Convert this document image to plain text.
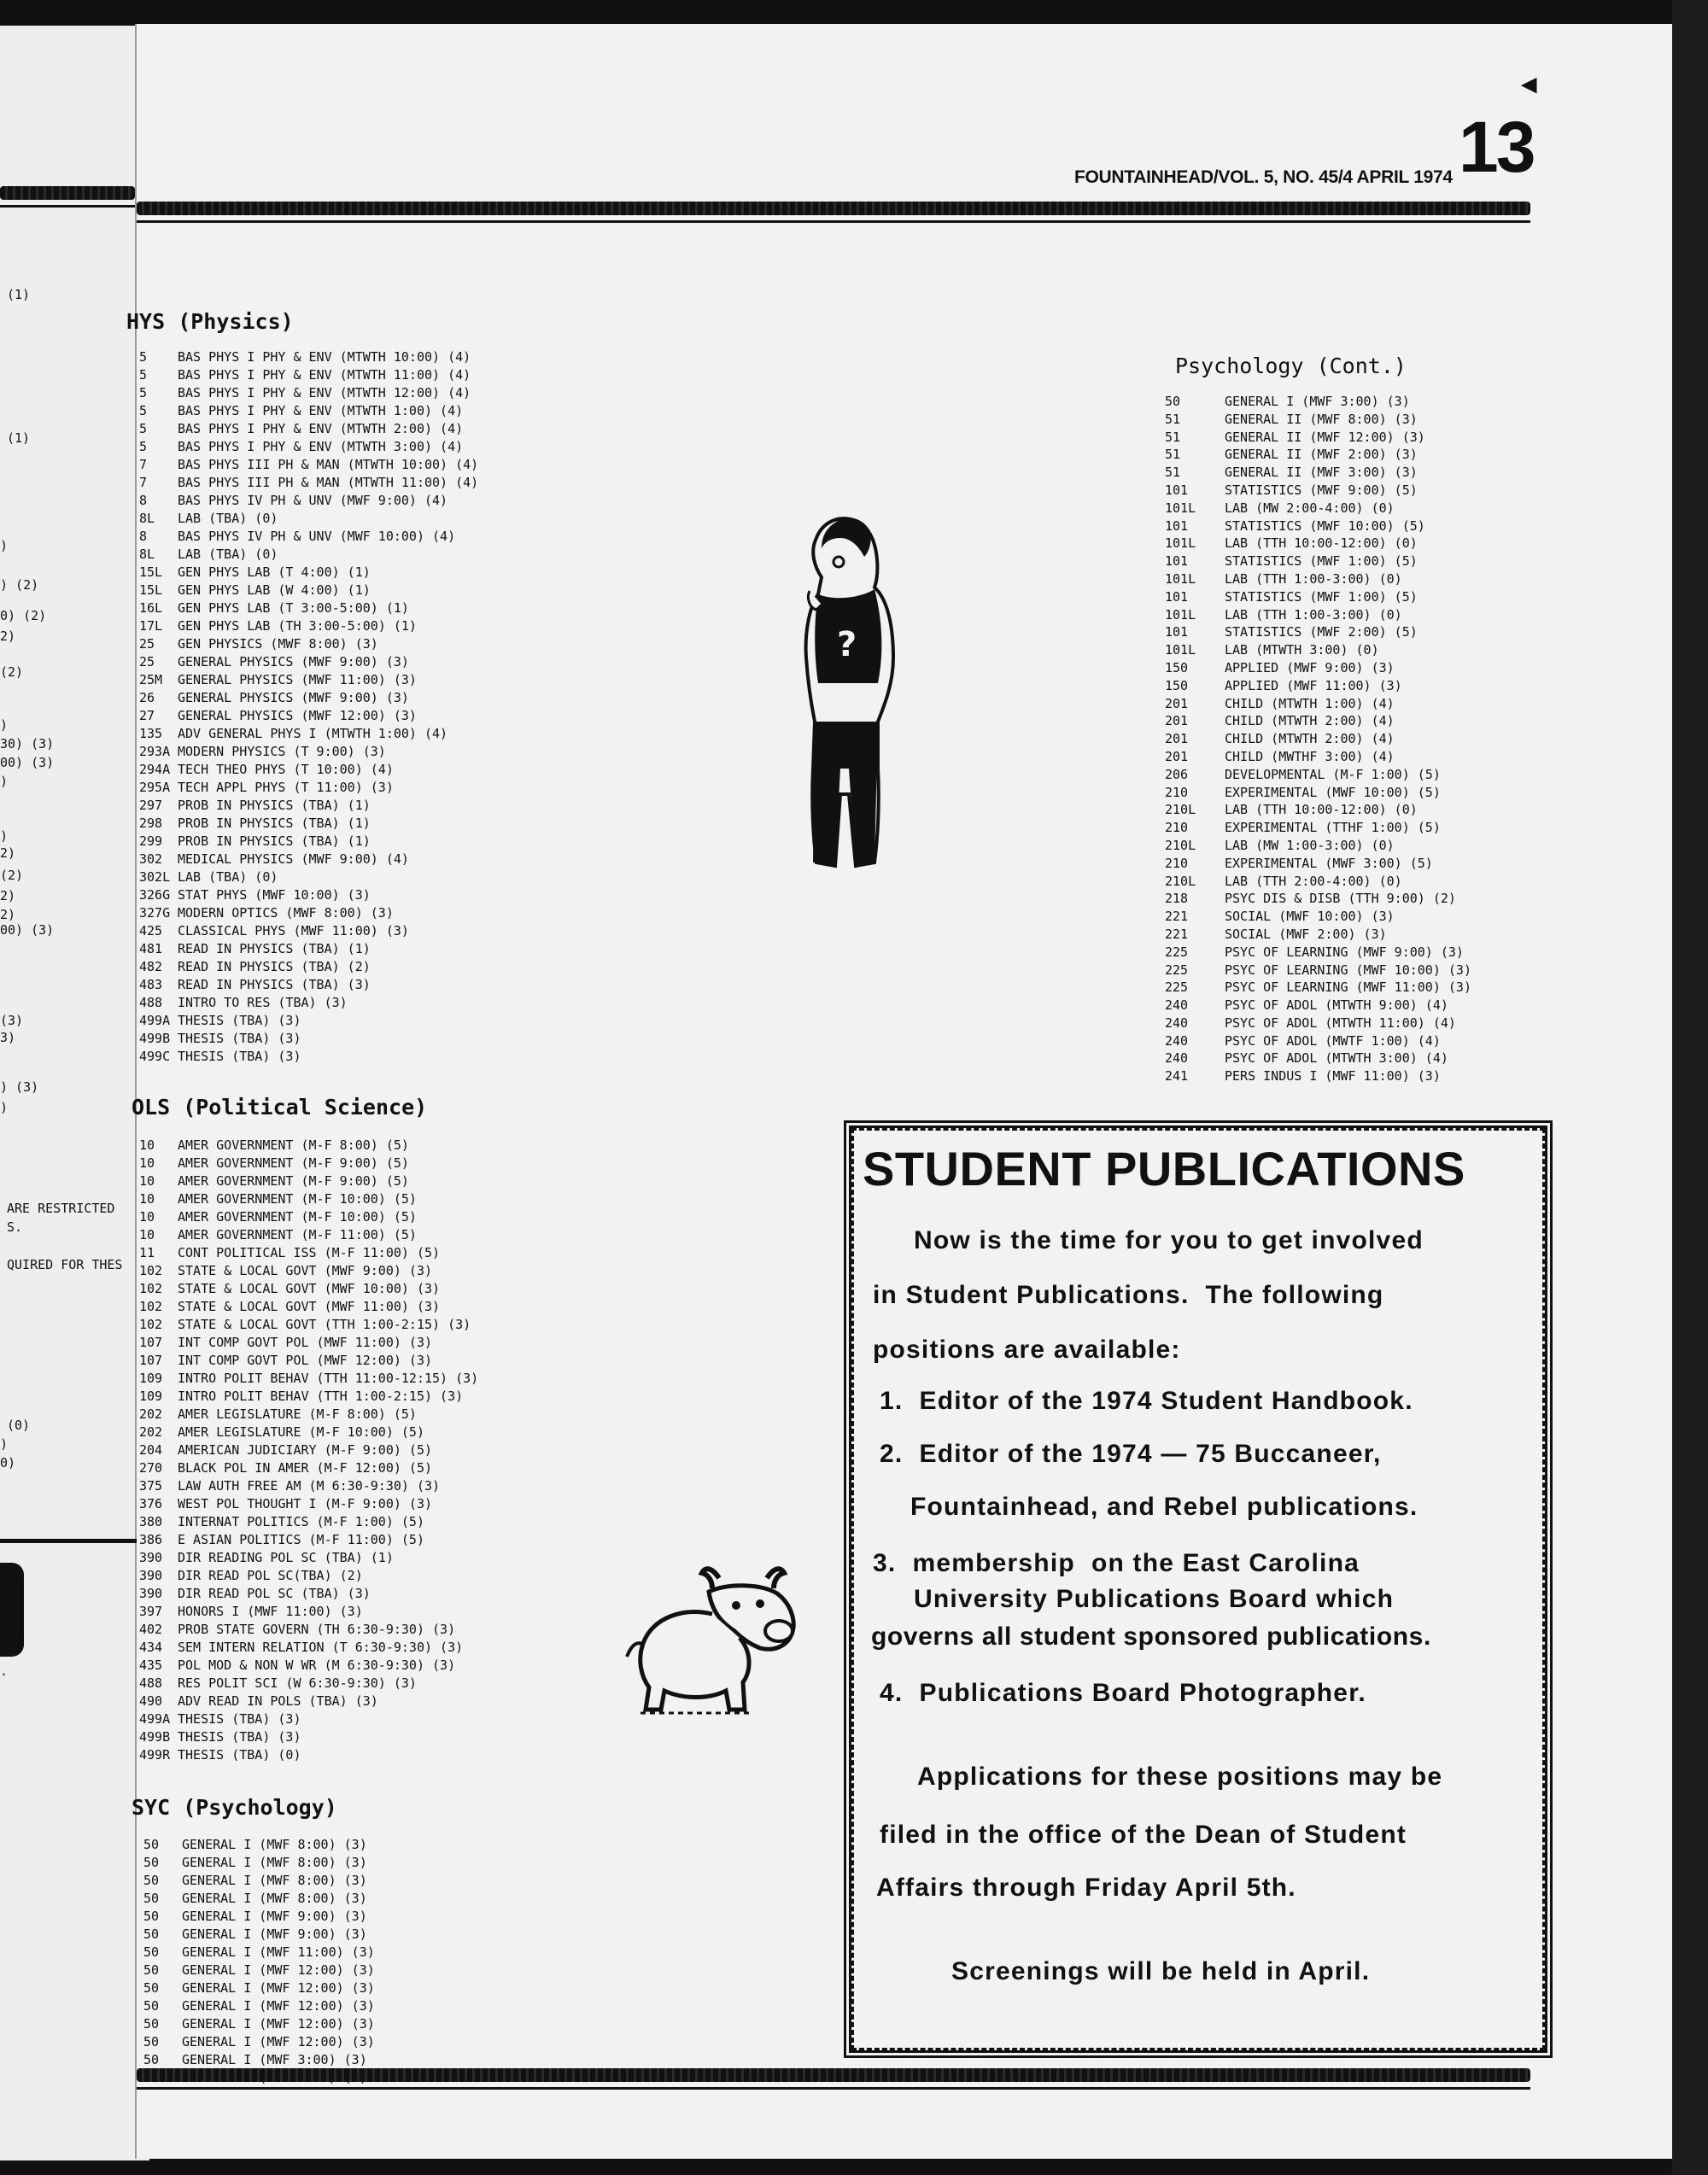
◂
FOUNTAINHEAD/VOL. 5, NO. 45/4 APRIL 1974 13
(1)
(1)
)
) (2)
0) (2)
2)
(2)
)
30) (3)
00) (3)
)
)
2)
(2)
2)
2)
00) (3)
(3)
3)
) (3)
)
ARE RESTRICTED
S.
QUIRED FOR THES
(0)
)
0)
.
HYS (Physics)
5	BAS PHYS I PHY & ENV (MTWTH 10:00) (4)
5	BAS PHYS I PHY & ENV (MTWTH 11:00) (4)
5	BAS PHYS I PHY & ENV (MTWTH 12:00) (4)
5	BAS PHYS I PHY & ENV (MTWTH 1:00) (4)
5	BAS PHYS I PHY & ENV (MTWTH 2:00) (4)
5	BAS PHYS I PHY & ENV (MTWTH 3:00) (4)
7	BAS PHYS III PH & MAN (MTWTH 10:00) (4)
7	BAS PHYS III PH & MAN (MTWTH 11:00) (4)
8	BAS PHYS IV PH & UNV (MWF 9:00) (4)
8L	LAB (TBA) (0)
8	BAS PHYS IV PH & UNV (MWF 10:00) (4)
8L	LAB (TBA) (0)
15L	GEN PHYS LAB (T 4:00) (1)
15L	GEN PHYS LAB (W 4:00) (1)
16L	GEN PHYS LAB (T 3:00-5:00) (1)
17L	GEN PHYS LAB (TH 3:00-5:00) (1)
25	GEN PHYSICS (MWF 8:00) (3)
25	GENERAL PHYSICS (MWF 9:00) (3)
25M	GENERAL PHYSICS (MWF 11:00) (3)
26	GENERAL PHYSICS (MWF 9:00) (3)
27	GENERAL PHYSICS (MWF 12:00) (3)
135	ADV GENERAL PHYS I (MTWTH 1:00) (4)
293A MODERN PHYSICS (T 9:00) (3)
294A TECH THEO PHYS (T 10:00) (4)
295A TECH APPL PHYS (T 11:00) (3)
297	PROB IN PHYSICS (TBA) (1)
298	PROB IN PHYSICS (TBA) (1)
299	PROB IN PHYSICS (TBA) (1)
302	MEDICAL PHYSICS (MWF 9:00) (4)
302L LAB (TBA) (0)
326G STAT PHYS (MWF 10:00) (3)
327G MODERN OPTICS (MWF 8:00) (3)
425	CLASSICAL PHYS (MWF 11:00) (3)
481	READ IN PHYSICS (TBA) (1)
482	READ IN PHYSICS (TBA) (2)
483	READ IN PHYSICS (TBA) (3)
488	INTRO TO RES (TBA) (3)
499A THESIS (TBA) (3)
499B THESIS (TBA) (3)
499C THESIS (TBA) (3)
OLS (Political Science)
10	AMER GOVERNMENT (M-F 8:00) (5)
10	AMER GOVERNMENT (M-F 9:00) (5)
10	AMER GOVERNMENT (M-F 9:00) (5)
10	AMER GOVERNMENT (M-F 10:00) (5)
10	AMER GOVERNMENT (M-F 10:00) (5)
10	AMER GOVERNMENT (M-F 11:00) (5)
11	CONT POLITICAL ISS (M-F 11:00) (5)
102	STATE & LOCAL GOVT (MWF 9:00) (3)
102	STATE & LOCAL GOVT (MWF 10:00) (3)
102	STATE & LOCAL GOVT (MWF 11:00) (3)
102	STATE & LOCAL GOVT (TTH 1:00-2:15) (3)
107	INT COMP GOVT POL (MWF 11:00) (3)
107	INT COMP GOVT POL (MWF 12:00) (3)
109	INTRO POLIT BEHAV (TTH 11:00-12:15) (3)
109	INTRO POLIT BEHAV (TTH 1:00-2:15) (3)
202	AMER LEGISLATURE (M-F 8:00) (5)
202	AMER LEGISLATURE (M-F 10:00) (5)
204	AMERICAN JUDICIARY (M-F 9:00) (5)
270	BLACK POL IN AMER (M-F 12:00) (5)
375	LAW AUTH FREE AM (M 6:30-9:30) (3)
376	WEST POL THOUGHT I (M-F 9:00) (3)
380	INTERNAT POLITICS (M-F 1:00) (5)
386	E ASIAN POLITICS (M-F 11:00) (5)
390	DIR READING POL SC (TBA) (1)
390	DIR READ POL SC(TBA) (2)
390	DIR READ POL SC (TBA) (3)
397	HONORS I (MWF 11:00) (3)
402	PROB STATE GOVERN (TH 6:30-9:30) (3)
434	SEM INTERN RELATION (T 6:30-9:30) (3)
435	POL MOD & NON W WR (M 6:30-9:30) (3)
488	RES POLIT SCI (W 6:30-9:30) (3)
490	ADV READ IN POLS (TBA) (3)
499A THESIS (TBA) (3)
499B THESIS (TBA) (3)
499R THESIS (TBA) (0)
SYC (Psychology)
50	GENERAL I (MWF 8:00) (3)
50	GENERAL I (MWF 8:00) (3)
50	GENERAL I (MWF 8:00) (3)
50	GENERAL I (MWF 8:00) (3)
50	GENERAL I (MWF 9:00) (3)
50	GENERAL I (MWF 9:00) (3)
50	GENERAL I (MWF 11:00) (3)
50	GENERAL I (MWF 12:00) (3)
50	GENERAL I (MWF 12:00) (3)
50	GENERAL I (MWF 12:00) (3)
50	GENERAL I (MWF 12:00) (3)
50	GENERAL I (MWF 12:00) (3)
50	GENERAL I (MWF 3:00) (3)
Psychology (Cont.)
50	GENERAL I (MWF 3:00) (3)
51	GENERAL II (MWF 8:00) (3)
51	GENERAL II (MWF 12:00) (3)
51	GENERAL II (MWF 2:00) (3)
51	GENERAL II (MWF 3:00) (3)
101	STATISTICS (MWF 9:00) (5)
101L	LAB (MW 2:00-4:00) (0)
101	STATISTICS (MWF 10:00) (5)
101L	LAB (TTH 10:00-12:00) (0)
101	STATISTICS (MWF 1:00) (5)
101L	LAB (TTH 1:00-3:00) (0)
101	STATISTICS (MWF 1:00) (5)
101L	LAB (TTH 1:00-3:00) (0)
101	STATISTICS (MWF 2:00) (5)
101L	LAB (MTWTH 3:00) (0)
150	APPLIED (MWF 9:00) (3)
150	APPLIED (MWF 11:00) (3)
201	CHILD (MTWTH 1:00) (4)
201	CHILD (MTWTH 2:00) (4)
201	CHILD (MTWTH 2:00) (4)
201	CHILD (MWTHF 3:00) (4)
206	DEVELOPMENTAL (M-F 1:00) (5)
210	EXPERIMENTAL (MWF 10:00) (5)
210L	LAB (TTH 10:00-12:00) (0)
210	EXPERIMENTAL (TTHF 1:00) (5)
210L	LAB (MW 1:00-3:00) (0)
210	EXPERIMENTAL (MWF 3:00) (5)
210L	LAB (TTH 2:00-4:00) (0)
218	PSYC DIS & DISB (TTH 9:00) (2)
221	SOCIAL (MWF 10:00) (3)
221	SOCIAL (MWF 2:00) (3)
225	PSYC OF LEARNING (MWF 9:00) (3)
225	PSYC OF LEARNING (MWF 10:00) (3)
225	PSYC OF LEARNING (MWF 11:00) (3)
240	PSYC OF ADOL (MTWTH 9:00) (4)
240	PSYC OF ADOL (MTWTH 11:00) (4)
240	PSYC OF ADOL (MWTF 1:00) (4)
240	PSYC OF ADOL (MTWTH 3:00) (4)
241	PERS INDUS I (MWF 11:00) (3)
?
STUDENT PUBLICATIONS
Now is the time for you to get involved
in Student Publications.  The following
positions are available:
1.  Editor of the 1974 Student Handbook.
2.  Editor of the 1974 — 75 Buccaneer,
Fountainhead, and Rebel publications.
3.  membership  on the East Carolina
University Publications Board which
governs all student sponsored publications.
4.  Publications Board Photographer.
Applications for these positions may be
filed in the office of the Dean of Student
Affairs through Friday April 5th.
Screenings will be held in April.
